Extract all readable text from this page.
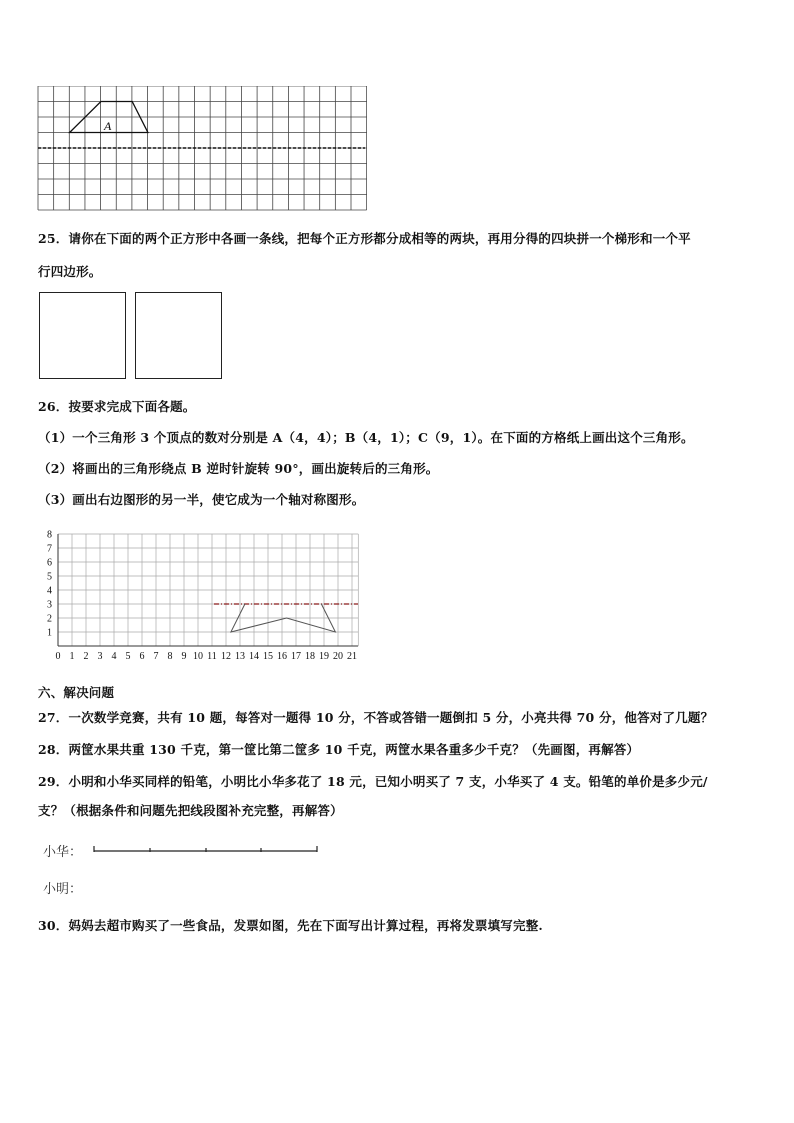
A
25．请你在下面的两个正方形中各画一条线，把每个正方形都分成相等的两块，再用分得的四块拼一个梯形和一个平
行四边形。
26．按要求完成下面各题。
（1）一个三角形 3 个顶点的数对分别是 A（4，4）；B（4，1）；C（9，1）。在下面的方格纸上画出这个三角形。
（2）将画出的三角形绕点 B 逆时针旋转 90°，画出旋转后的三角形。
（3）画出右边图形的另一半，使它成为一个轴对称图形。
0 1 2 3 4 5 6 7 8 9 10 11 12 13 14 15 16 17 18 19 20 21
1
2
3
4
5
6
7
8
六、解决问题
27．一次数学竞赛，共有 10 题，每答对一题得 10 分，不答或答错一题倒扣 5 分，小亮共得 70 分，他答对了几题？
28．两筐水果共重 130 千克，第一筐比第二筐多 10 千克，两筐水果各重多少千克？（先画图，再解答）
29．小明和小华买同样的铅笔，小明比小华多花了 18 元，已知小明买了 7 支，小华买了 4 支。铅笔的单价是多少元/
支？（根据条件和问题先把线段图补充完整，再解答）
小华：
小明：
30．妈妈去超市购买了一些食品，发票如图，先在下面写出计算过程，再将发票填写完整.
